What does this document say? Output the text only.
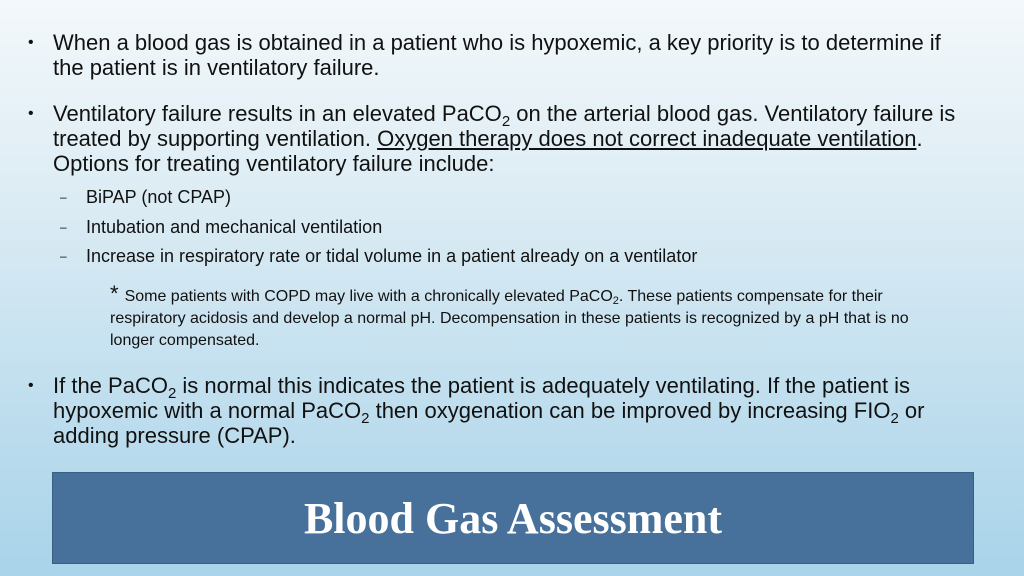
• When a blood gas is obtained in a patient who is hypoxemic, a key priority is to determine if the patient is in ventilatory failure.
• Ventilatory failure results in an elevated PaCO$_2$ on the arterial blood gas. Ventilatory failure is treated by supporting ventilation. Oxygen therapy does not correct inadequate ventilation. Options for treating ventilatory failure include:
– BiPAP (not CPAP)
– Intubation and mechanical ventilation
– Increase in respiratory rate or tidal volume in a patient already on a ventilator
* Some patients with COPD may live with a chronically elevated PaCO2. These patients compensate for their respiratory acidosis and develop a normal pH. Decompensation in these patients is recognized by a pH that is no longer compensated.
• If the PaCO$_2$ is normal this indicates the patient is adequately ventilating. If the patient is hypoxemic with a normal PaCO$_2$ then oxygenation can be improved by increasing $FIO_2$ or adding pressure (CPAP).
Blood Gas Assessment
